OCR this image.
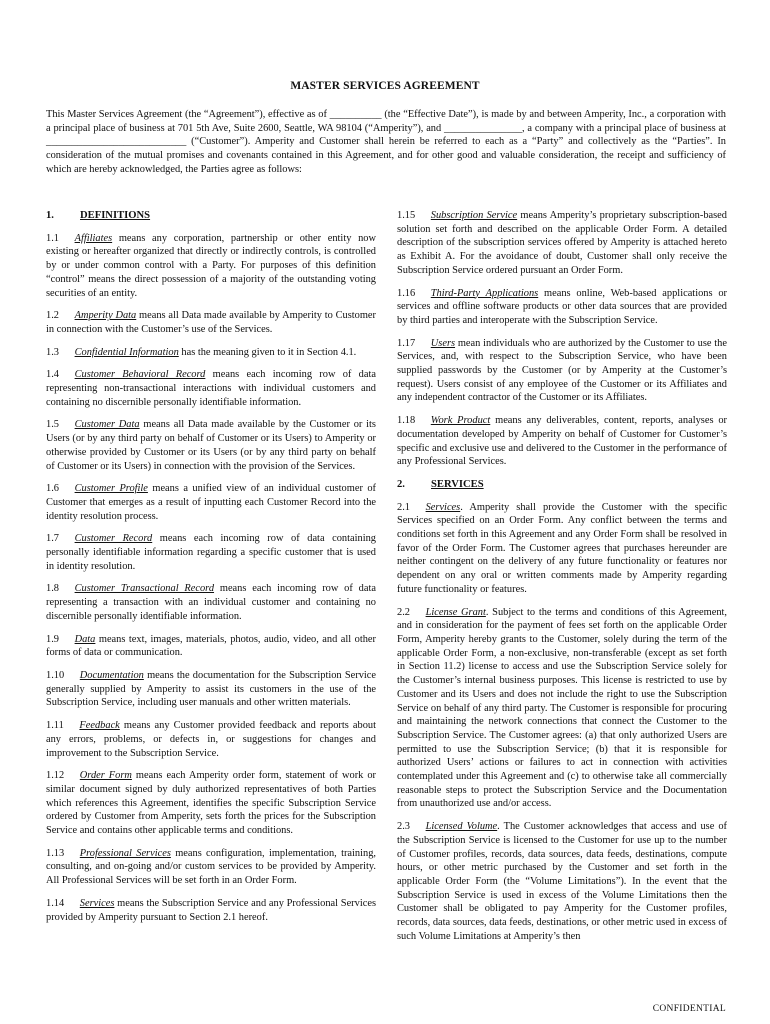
MASTER SERVICES AGREEMENT

This Master Services Agreement (the “Agreement”), effective as of __________ (the “Effective Date”), is made by and between Amperity, Inc., a corporation with a principal place of business at 701 5th Ave, Suite 2600, Seattle, WA 98104 (“Amperity”), and _______________, a company with a principal place of business at ___________________________ (“Customer”). Amperity and Customer shall herein be referred to each as a “Party” and collectively as the “Parties”. In consideration of the mutual promises and covenants contained in this Agreement, and for other good and valuable consideration, the receipt and sufficiency of which are hereby acknowledged, the Parties agree as follows:

1. DEFINITIONS

1.1   Affiliates means any corporation, partnership or other entity now existing or hereafter organized that directly or indirectly controls, is controlled by or under common control with a Party. For purposes of this definition “control” means the direct possession of a majority of the outstanding voting securities of an entity.

1.2   Amperity Data means all Data made available by Amperity to Customer in connection with the Customer’s use of the Services.

1.3   Confidential Information has the meaning given to it in Section 4.1.

1.4   Customer Behavioral Record means each incoming row of data representing non-transactional interactions with individual customers and containing no discernible personally identifiable information.

1.5   Customer Data means all Data made available by the Customer or its Users (or by any third party on behalf of Customer or its Users) to Amperity or otherwise provided by Customer or its Users (or by any third party on behalf of Customer or its Users) in connection with the provision of the Services.

1.6   Customer Profile means a unified view of an individual customer of Customer that emerges as a result of inputting each Customer Record into the identity resolution process.

1.7   Customer Record means each incoming row of data containing personally identifiable information regarding a specific customer that is used in identity resolution.

1.8   Customer Transactional Record means each incoming row of data representing a transaction with an individual customer and containing no discernible personally identifiable information.

1.9   Data means text, images, materials, photos, audio, video, and all other forms of data or communication.

1.10   Documentation means the documentation for the Subscription Service generally supplied by Amperity to assist its customers in the use of the Subscription Service, including user manuals and other written materials.

1.11   Feedback means any Customer provided feedback and reports about any errors, problems, or defects in, or suggestions for changes and improvement to the Subscription Service.

1.12   Order Form means each Amperity order form, statement of work or similar document signed by duly authorized representatives of both Parties which references this Agreement, identifies the specific Subscription Service ordered by Customer from Amperity, sets forth the prices for the Subscription Service and contains other applicable terms and conditions.

1.13   Professional Services means configuration, implementation, training, consulting, and on-going and/or custom services to be provided by Amperity. All Professional Services will be set forth in an Order Form.

1.14   Services means the Subscription Service and any Professional Services provided by Amperity pursuant to Section 2.1 hereof.

1.15   Subscription Service means Amperity’s proprietary subscription-based solution set forth and described on the applicable Order Form. A detailed description of the subscription services offered by Amperity is attached hereto as Exhibit A. For the avoidance of doubt, Customer shall only receive the Subscription Service ordered pursuant an Order Form.

1.16   Third-Party Applications means online, Web-based applications or services and offline software products or other data sources that are provided by third parties and interoperate with the Subscription Service.

1.17   Users mean individuals who are authorized by the Customer to use the Services, and, with respect to the Subscription Service, who have been supplied passwords by the Customer (or by Amperity at the Customer’s request). Users consist of any employee of the Customer or its Affiliates and any independent contractor of the Customer or its Affiliates.

1.18   Work Product means any deliverables, content, reports, analyses or documentation developed by Amperity on behalf of Customer for Customer’s specific and exclusive use and delivered to the Customer in the performance of any Professional Services.

2. SERVICES

2.1   Services. Amperity shall provide the Customer with the specific Services specified on an Order Form. Any conflict between the terms and conditions set forth in this Agreement and any Order Form shall be resolved in favor of the Order Form. The Customer agrees that purchases hereunder are neither contingent on the delivery of any future functionality or features nor dependent on any oral or written comments made by Amperity regarding future functionality or features.

2.2   License Grant. Subject to the terms and conditions of this Agreement, and in consideration for the payment of fees set forth on the applicable Order Form, Amperity hereby grants to the Customer, solely during the term of the applicable Order Form, a non-exclusive, non-transferable (except as set forth in Section 11.2) license to access and use the Subscription Service solely for the Customer’s internal business purposes. This license is restricted to use by Customer and its Users and does not include the right to use the Subscription Service on behalf of any third party. The Customer is responsible for procuring and maintaining the network connections that connect the Customer to the Subscription Service. The Customer agrees: (a) that only authorized Users are permitted to use the Subscription Service; (b) that it is responsible for authorized Users’ actions or failures to act in connection with activities contemplated under this Agreement and (c) to otherwise take all commercially reasonable steps to protect the Subscription Service and the Documentation from unauthorized use and/or access.

2.3   Licensed Volume. The Customer acknowledges that access and use of the Subscription Service is licensed to the Customer for use up to the number of Customer profiles, records, data sources, data feeds, destinations, compute hours, or other metric purchased by the Customer and set forth in the applicable Order Form (the “Volume Limitations”). In the event that the Subscription Service is used in excess of the Volume Limitations then the Customer shall be obligated to pay Amperity for the Customer profiles, records, data sources, data feeds, destinations, or other metric used in excess of such Volume Limitations at Amperity’s then

CONFIDENTIAL
